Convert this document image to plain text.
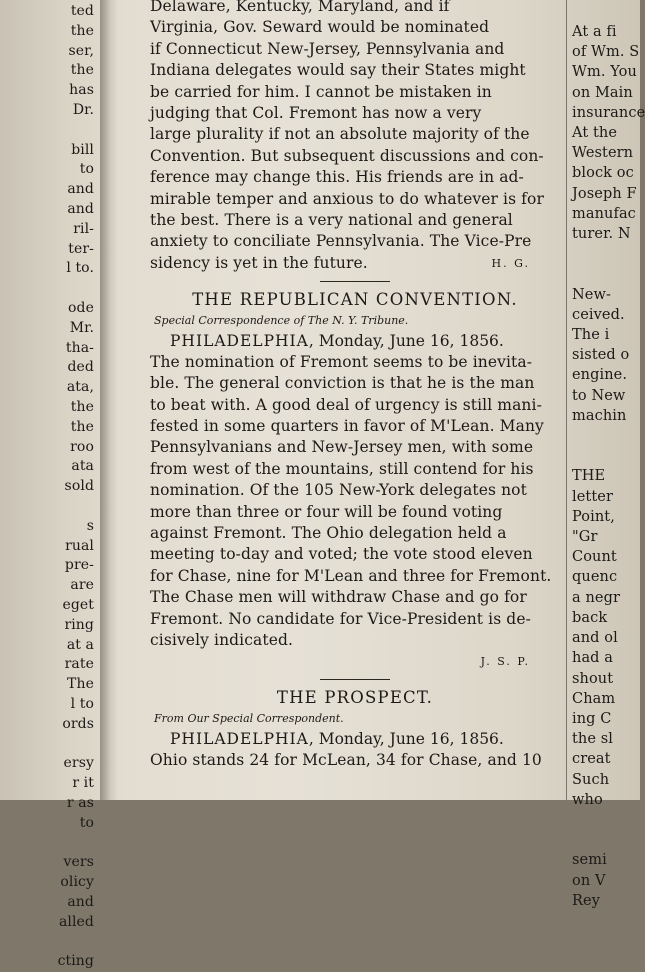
ted
the
ser,
the
has
Dr.

bill
to
and
and
ril-
ter-
l to.

ode
Mr.
tha-
ded
ata,
the
the
roo
ata
sold

s
rual
pre-
are
eget
ring
at a
rate
The
l to
ords

ersy
r it
r as
to

vers
olicy
and
alled

cting
Delaware, Kentucky, Maryland, and if
Virginia, Gov. Seward would be nominated
if Connecticut New-Jersey, Pennsylvania and
Indiana delegates would say their States might
be carried for him. I cannot be mistaken in
judging that Col. Fremont has now a very
large plurality if not an absolute majority of the
Convention. But subsequent discussions and con-
ference may change this. His friends are in ad-
mirable temper and anxious to do whatever is for
the best. There is a very national and general
anxiety to conciliate Pennsylvania. The Vice-Pre
sidency is yet in the future.	H. G.
THE REPUBLICAN CONVENTION.
Special Correspondence of The N. Y. Tribune.
PHILADELPHIA, Monday, June 16, 1856.
The nomination of Fremont seems to be inevita-
ble. The general conviction is that he is the man
to beat with. A good deal of urgency is still mani-
fested in some quarters in favor of M'Lean. Many
Pennsylvanians and New-Jersey men, with some
from west of the mountains, still contend for his
nomination. Of the 105 New-York delegates not
more than three or four will be found voting
against Fremont. The Ohio delegation held a
meeting to-day and voted; the vote stood eleven
for Chase, nine for M'Lean and three for Fremont.
The Chase men will withdraw Chase and go for
Fremont. No candidate for Vice-President is de-
cisively indicated.
J. S. P.
THE PROSPECT.
From Our Special Correspondent.
PHILADELPHIA, Monday, June 16, 1856.
Ohio stands 24 for McLean, 34 for Chase, and 10
At a fi
of Wm. S
Wm. You
on Main
insurance
At the
Western
block oc
Joseph F
manufac
turer. N

New-
ceived.
The i
sisted o
engine.
to New
machin

THE
letter
Point,
"Gr
Count
quenc
a negr
back
and ol
had a
shout
Cham
ing C
the sl
creat
Such
who

semi
on V
Rey
